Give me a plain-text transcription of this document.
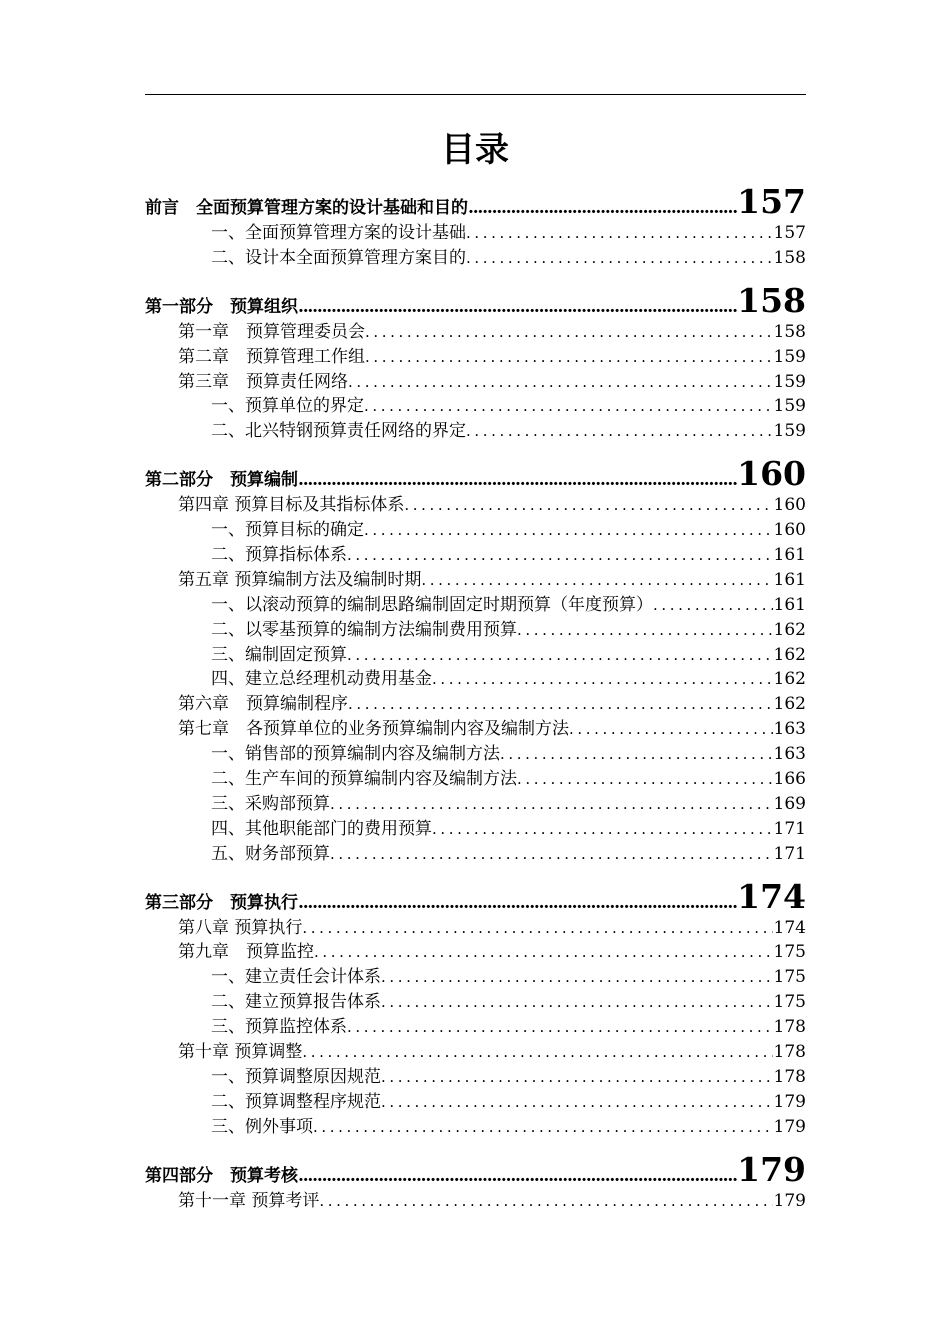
目录
前言　全面预算管理方案的设计基础和目的 .....	157
一、全面预算管理方案的设计基础 .....	157
二、设计本全面预算管理方案目的 .....	158
第一部分　预算组织 .....	158
第一章　预算管理委员会 .....	158
第二章　预算管理工作组 .....	159
第三章　预算责任网络 .....	159
一、预算单位的界定 .....	159
二、北兴特钢预算责任网络的界定 .....	159
第二部分　预算编制 .....	160
第四章 预算目标及其指标体系 .....	160
一、预算目标的确定 .....	160
二、预算指标体系 .....	161
第五章 预算编制方法及编制时期 .....	161
一、以滚动预算的编制思路编制固定时期预算（年度预算） .....	161
二、以零基预算的编制方法编制费用预算 .....	162
三、编制固定预算 .....	162
四、建立总经理机动费用基金 .....	162
第六章　预算编制程序 .....	162
第七章　各预算单位的业务预算编制内容及编制方法 .....	163
一、销售部的预算编制内容及编制方法 .....	163
二、生产车间的预算编制内容及编制方法 .....	166
三、采购部预算 .....	169
四、其他职能部门的费用预算 .....	171
五、财务部预算 .....	171
第三部分　预算执行 .....	174
第八章 预算执行 .....	174
第九章　预算监控 .....	175
一、建立责任会计体系 .....	175
二、建立预算报告体系 .....	175
三、预算监控体系 .....	178
第十章 预算调整 .....	178
一、预算调整原因规范 .....	178
二、预算调整程序规范 .....	179
三、例外事项 .....	179
第四部分　预算考核 .....	179
第十一章 预算考评 .....	179
